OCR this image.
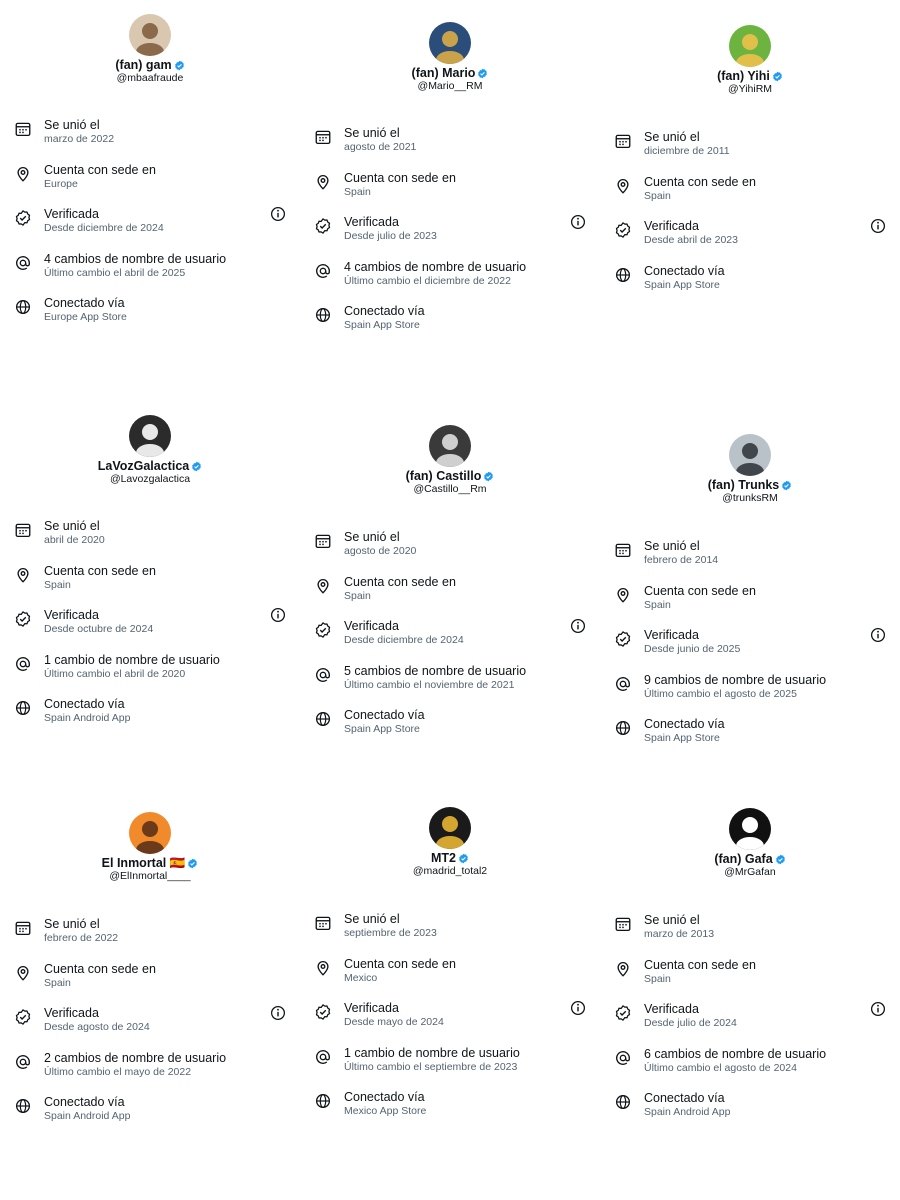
(fan) gam
@mbaafraude
Se unió el
marzo de 2022
Cuenta con sede en
Europe
Verificada
Desde diciembre de 2024
4 cambios de nombre de usuario
Último cambio el abril de 2025
Conectado vía
Europe App Store
(fan) Mario
@Mario__RM
Se unió el
agosto de 2021
Cuenta con sede en
Spain
Verificada
Desde julio de 2023
4 cambios de nombre de usuario
Último cambio el diciembre de 2022
Conectado vía
Spain App Store
(fan) Yihi
@YihiRM
Se unió el
diciembre de 2011
Cuenta con sede en
Spain
Verificada
Desde abril de 2023
Conectado vía
Spain App Store
LaVozGalactica
@Lavozgalactica
Se unió el
abril de 2020
Cuenta con sede en
Spain
Verificada
Desde octubre de 2024
1 cambio de nombre de usuario
Último cambio el abril de 2020
Conectado vía
Spain Android App
(fan) Castillo
@Castillo__Rm
Se unió el
agosto de 2020
Cuenta con sede en
Spain
Verificada
Desde diciembre de 2024
5 cambios de nombre de usuario
Último cambio el noviembre de 2021
Conectado vía
Spain App Store
(fan) Trunks
@trunksRM
Se unió el
febrero de 2014
Cuenta con sede en
Spain
Verificada
Desde junio de 2025
9 cambios de nombre de usuario
Último cambio el agosto de 2025
Conectado vía
Spain App Store
El Inmortal 🇪🇸
@ElInmortal____
Se unió el
febrero de 2022
Cuenta con sede en
Spain
Verificada
Desde agosto de 2024
2 cambios de nombre de usuario
Último cambio el mayo de 2022
Conectado vía
Spain Android App
MT2
@madrid_total2
Se unió el
septiembre de 2023
Cuenta con sede en
Mexico
Verificada
Desde mayo de 2024
1 cambio de nombre de usuario
Último cambio el septiembre de 2023
Conectado vía
Mexico App Store
(fan) Gafa
@MrGafan
Se unió el
marzo de 2013
Cuenta con sede en
Spain
Verificada
Desde julio de 2024
6 cambios de nombre de usuario
Último cambio el agosto de 2024
Conectado vía
Spain Android App
